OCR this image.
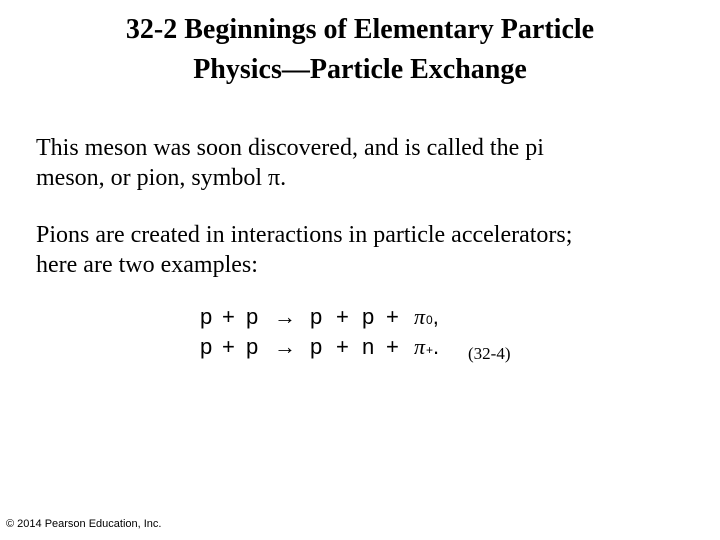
32-2 Beginnings of Elementary Particle
Physics—Particle Exchange
This meson was soon discovered, and is called the pi
meson, or pion, symbol π.
Pions are created in interactions in particle accelerators;
here are two examples:
p + p → p + p + π0,
p + p → p + n + π+. (32-4)
© 2014 Pearson Education, Inc.
